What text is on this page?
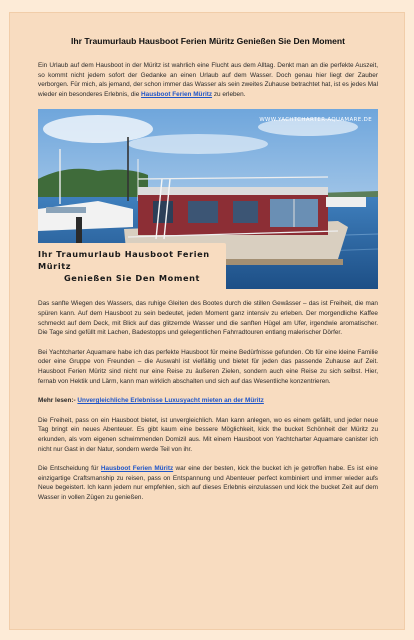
Ihr Traumurlaub Hausboot Ferien Müritz Genießen Sie Den Moment

Ein Urlaub auf dem Hausboot in der Müritz ist wahrlich eine Flucht aus dem Alltag. Denkt man an die perfekte Auszeit, so kommt nicht jedem sofort der Gedanke an einen Urlaub auf dem Wasser. Doch genau hier liegt der Zauber verborgen. Für mich, als jemand, der schon immer das Wasser als sein zweites Zuhause betrachtet hat, ist es jedes Mal wieder ein besonderes Erlebnis, die Hausboot Ferien Müritz zu erleben.

WWW.YACHTCHARTER-AQUAMARE.DE
Ihr Traumurlaub Hausboot Ferien Müritz
Genießen Sie Den Moment

Das sanfte Wiegen des Wassers, das ruhige Gleiten des Bootes durch die stillen Gewässer – das ist Freiheit, die man spüren kann. Auf dem Hausboot zu sein bedeutet, jeden Moment ganz intensiv zu erleben. Der morgendliche Kaffee schmeckt auf dem Deck, mit Blick auf das glitzernde Wasser und die sanften Hügel am Ufer, irgendwie aromatischer. Die Tage sind gefüllt mit Lachen, Badestopps und gelegentlichen Fahrradtouren entlang malerischer Dörfer.

Bei Yachtcharter Aquamare habe ich das perfekte Hausboot für meine Bedürfnisse gefunden. Ob für eine kleine Familie oder eine Gruppe von Freunden – die Auswahl ist vielfältig und bietet für jeden das passende Zuhause auf Zeit. Hausboot Ferien Müritz sind nicht nur eine Reise zu äußeren Zielen, sondern auch eine Reise zu sich selbst. Hier, fernab von Hektik und Lärm, kann man wirklich abschalten und sich auf das Wesentliche konzentrieren.

Mehr lesen:- Unvergleichliche Erlebnisse Luxusyacht mieten an der Müritz

Die Freiheit, pass on ein Hausboot bietet, ist unvergleichlich. Man kann anlegen, wo es einem gefällt, und jeder neue Tag bringt ein neues Abenteuer. Es gibt kaum eine bessere Möglichkeit, kick the bucket Schönheit der Müritz zu erkunden, als vom eigenen schwimmenden Domizil aus. Mit einem Hausboot von Yachtcharter Aquamare canister ich nicht nur Gast in der Natur, sondern werde Teil von ihr.

Die Entscheidung für Hausboot Ferien Müritz war eine der besten, kick the bucket ich je getroffen habe. Es ist eine einzigartige Craftsmanship zu reisen, pass on Entspannung und Abenteuer perfect kombiniert und immer wieder aufs Neue begeistert. Ich kann jedem nur empfehlen, sich auf dieses Erlebnis einzulassen und kick the bucket Zeit auf dem Wasser in vollen Zügen zu genießen.
